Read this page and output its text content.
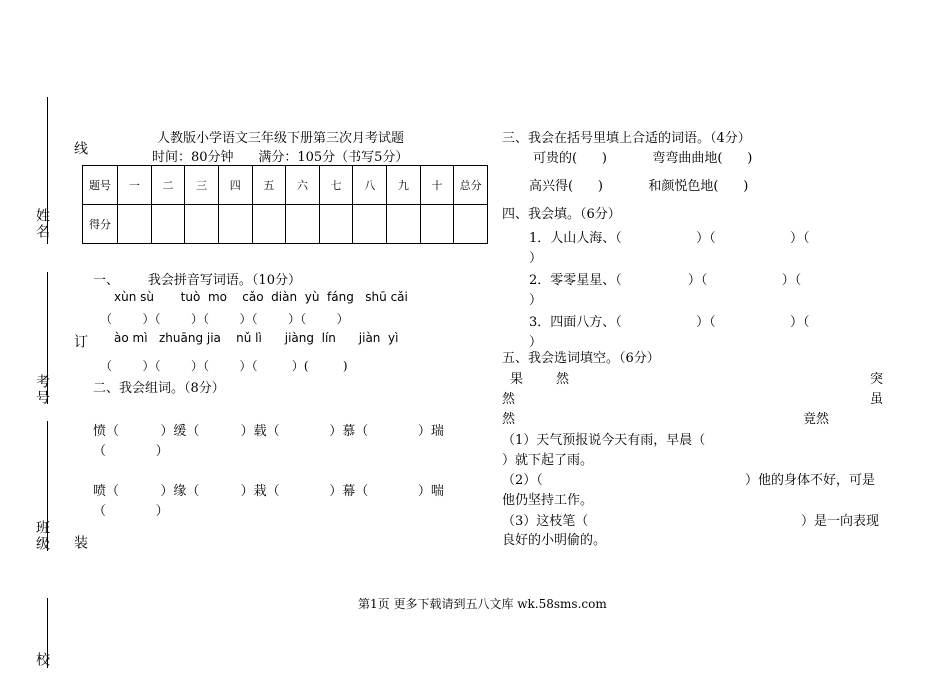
姓名
考号
班级
校
线
订
装
人教版小学语文三年级下册第三次月考试题
时间：80分钟      满分：105分（书写5分）
题号	一	二	三	四	五	六	七	八	九	十	总分
得分											
一、       我会拼音写词语。（10分）
xùn sù       tuò  mo    cǎo  diàn  yù  fáng   shū cǎi
（        ）（        ）（        ）（        ）（        ）
ào mì   zhuāng jia    nǔ lì      jiàng  lín      jiàn  yì
（        ）（        ）（        ）（         ）(         )
二、我会组词。（8分）
愤（          ）缓（          ）载（            ）慕（            ）瑞
（            ）
喷（          ）缘（          ）栽（            ）幕（            ）喘
（            ）
三、我会在括号里填上合适的词语。（4分）
可贵的(      )           弯弯曲曲地(      )
高兴得(      )           和颜悦色地(      )
四、我会填。（6分）
1．人山人海、（                  ）（                  ）（
）
2．零零星星、（                ）（                  ）（
）
3．四面八方、（                  ）（                  ）（
）
五、我会选词填空。（6分）
果        然	突
然	虽
然	竟然
（1）天气预报说今天有雨，早晨（
）就下起了雨。
（2）（	）他的身体不好，可是
他仍坚持工作。
（3）这枝笔（	）是一向表现
良好的小明偷的。
第1页 更多下载请到五八文库 wk.58sms.com
